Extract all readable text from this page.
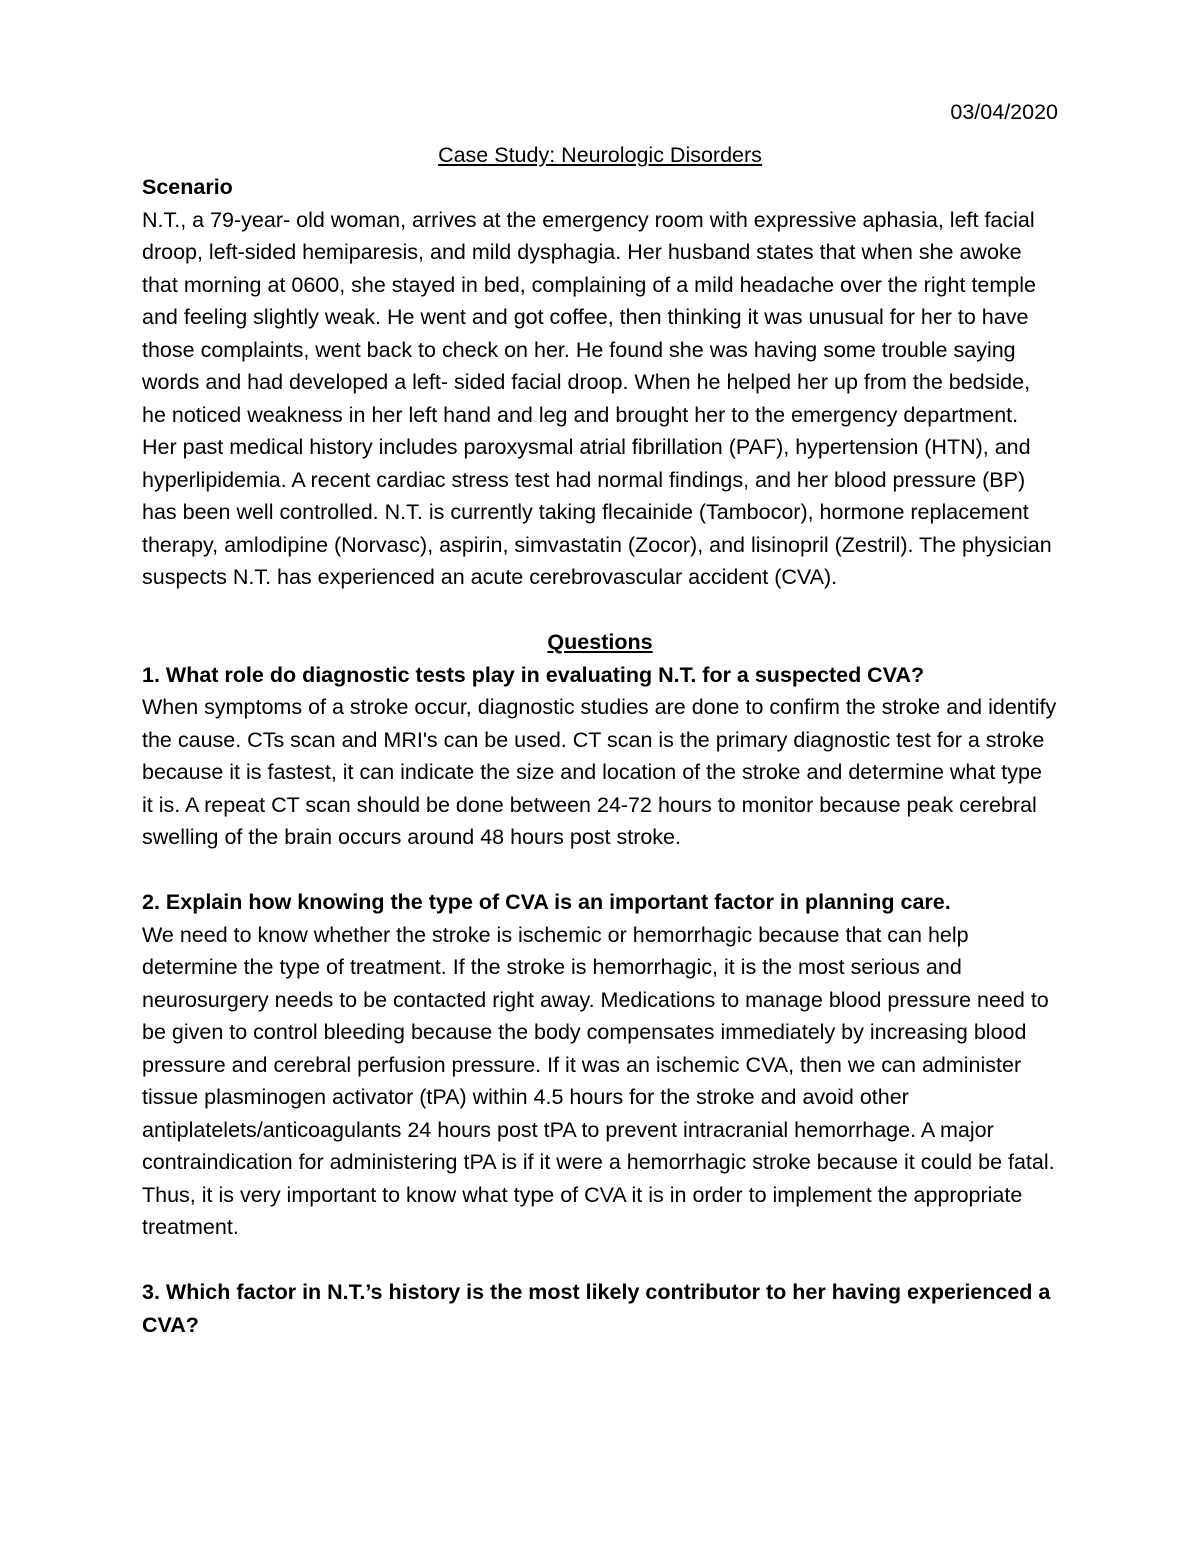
03/04/2020

Case Study: Neurologic Disorders

Scenario

N.T., a 79-year- old woman, arrives at the emergency room with expressive aphasia, left facial droop, left-sided hemiparesis, and mild dysphagia. Her husband states that when she awoke that morning at 0600, she stayed in bed, complaining of a mild headache over the right temple and feeling slightly weak. He went and got coffee, then thinking it was unusual for her to have those complaints, went back to check on her. He found she was having some trouble saying words and had developed a left- sided facial droop. When he helped her up from the bedside, he noticed weakness in her left hand and leg and brought her to the emergency department. Her past medical history includes paroxysmal atrial fibrillation (PAF), hypertension (HTN), and hyperlipidemia. A recent cardiac stress test had normal findings, and her blood pressure (BP) has been well controlled. N.T. is currently taking flecainide (Tambocor), hormone replacement therapy, amlodipine (Norvasc), aspirin, simvastatin (Zocor), and lisinopril (Zestril). The physician suspects N.T. has experienced an acute cerebrovascular accident (CVA).

Questions

1. What role do diagnostic tests play in evaluating N.T. for a suspected CVA?

When symptoms of a stroke occur, diagnostic studies are done to confirm the stroke and identify the cause. CTs scan and MRI's can be used. CT scan is the primary diagnostic test for a stroke because it is fastest, it can indicate the size and location of the stroke and determine what type it is. A repeat CT scan should be done between 24-72 hours to monitor because peak cerebral swelling of the brain occurs around 48 hours post stroke.

2. Explain how knowing the type of CVA is an important factor in planning care.

We need to know whether the stroke is ischemic or hemorrhagic because that can help determine the type of treatment. If the stroke is hemorrhagic, it is the most serious and neurosurgery needs to be contacted right away. Medications to manage blood pressure need to be given to control bleeding because the body compensates immediately by increasing blood pressure and cerebral perfusion pressure. If it was an ischemic CVA, then we can administer tissue plasminogen activator (tPA) within 4.5 hours for the stroke and avoid other antiplatelets/anticoagulants 24 hours post tPA to prevent intracranial hemorrhage. A major contraindication for administering tPA is if it were a hemorrhagic stroke because it could be fatal. Thus, it is very important to know what type of CVA it is in order to implement the appropriate treatment.

3. Which factor in N.T.’s history is the most likely contributor to her having experienced a CVA?
